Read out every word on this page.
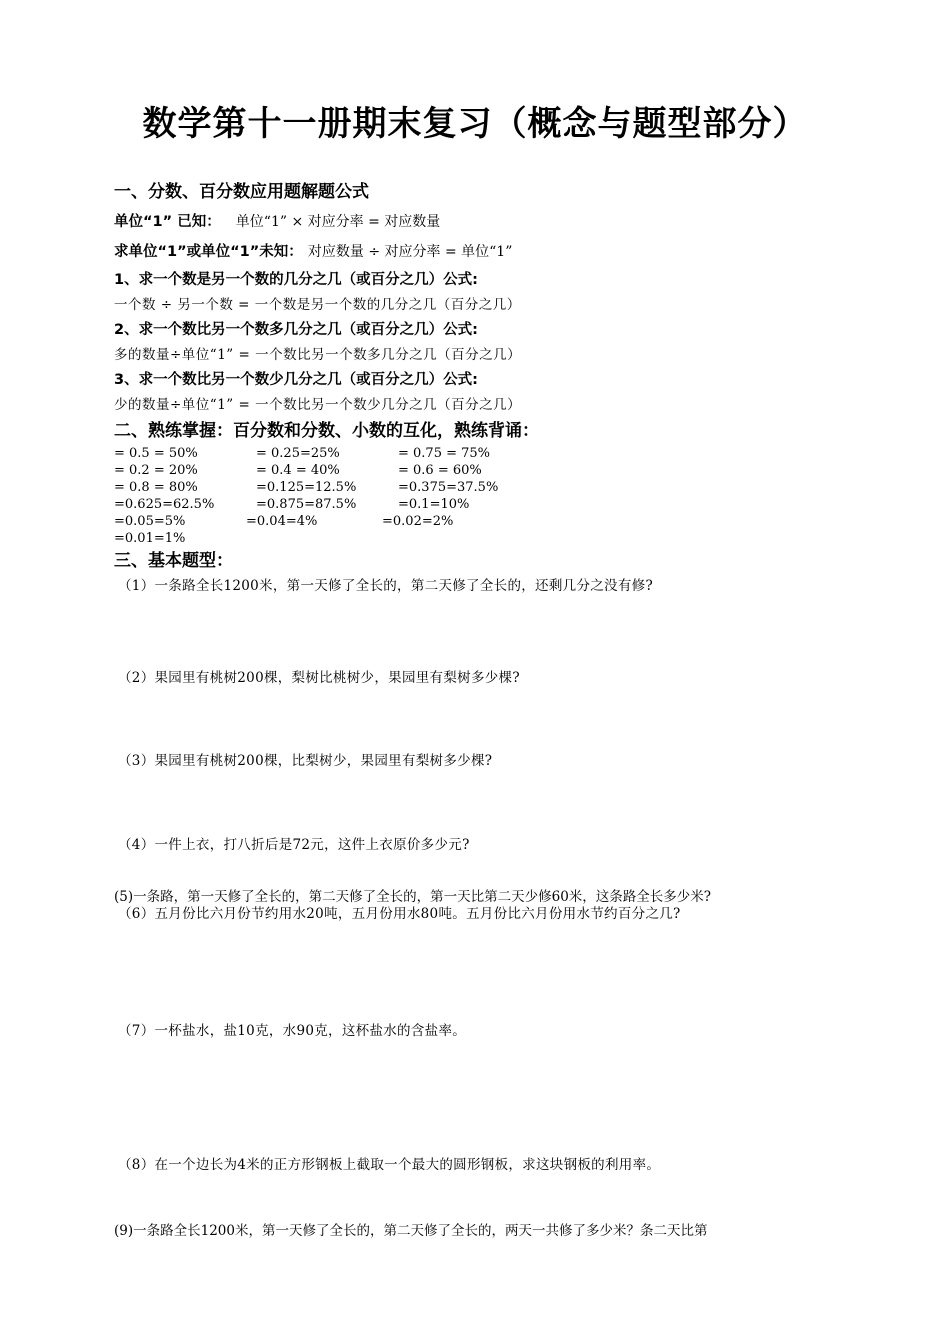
数学第十一册期末复习（概念与题型部分）
一、分数、百分数应用题解题公式
单位“1” 已知： 单位“1” × 对应分率 = 对应数量
求单位“1”或单位“1”未知： 对应数量 ÷ 对应分率 = 单位“1”
1、求一个数是另一个数的几分之几（或百分之几）公式:
一个数 ÷ 另一个数 = 一个数是另一个数的几分之几（百分之几）
2、求一个数比另一个数多几分之几（或百分之几）公式:
多的数量÷单位“1” = 一个数比另一个数多几分之几（百分之几）
3、求一个数比另一个数少几分之几（或百分之几）公式:
少的数量÷单位“1” = 一个数比另一个数少几分之几（百分之几）
二、熟练掌握：百分数和分数、小数的互化，熟练背诵：
= 0.5 = 50%	= 0.25=25%	= 0.75 = 75%
= 0.2 = 20%	= 0.4 = 40%	= 0.6 = 60%
= 0.8 = 80%	=0.125=12.5%	=0.375=37.5%
=0.625=62.5%	=0.875=87.5%	=0.1=10%
=0.05=5%	=0.04=4%	=0.02=2%
=0.01=1%
三、基本题型：
（1）一条路全长1200米，第一天修了全长的，第二天修了全长的，还剩几分之没有修?
（2）果园里有桃树200棵，梨树比桃树少，果园里有梨树多少棵?
（3）果园里有桃树200棵，比梨树少，果园里有梨树多少棵?
（4）一件上衣，打八折后是72元，这件上衣原价多少元?
(5)一条路，第一天修了全长的，第二天修了全长的，第一天比第二天少修60米，这条路全长多少米?
（6）五月份比六月份节约用水20吨，五月份用水80吨。五月份比六月份用水节约百分之几?
（7）一杯盐水，盐10克，水90克，这杯盐水的含盐率。
（8）在一个边长为4米的正方形钢板上截取一个最大的圆形钢板，求这块钢板的利用率。
(9)一条路全长1200米，第一天修了全长的，第二天修了全长的，两天一共修了多少米？条二天比第
